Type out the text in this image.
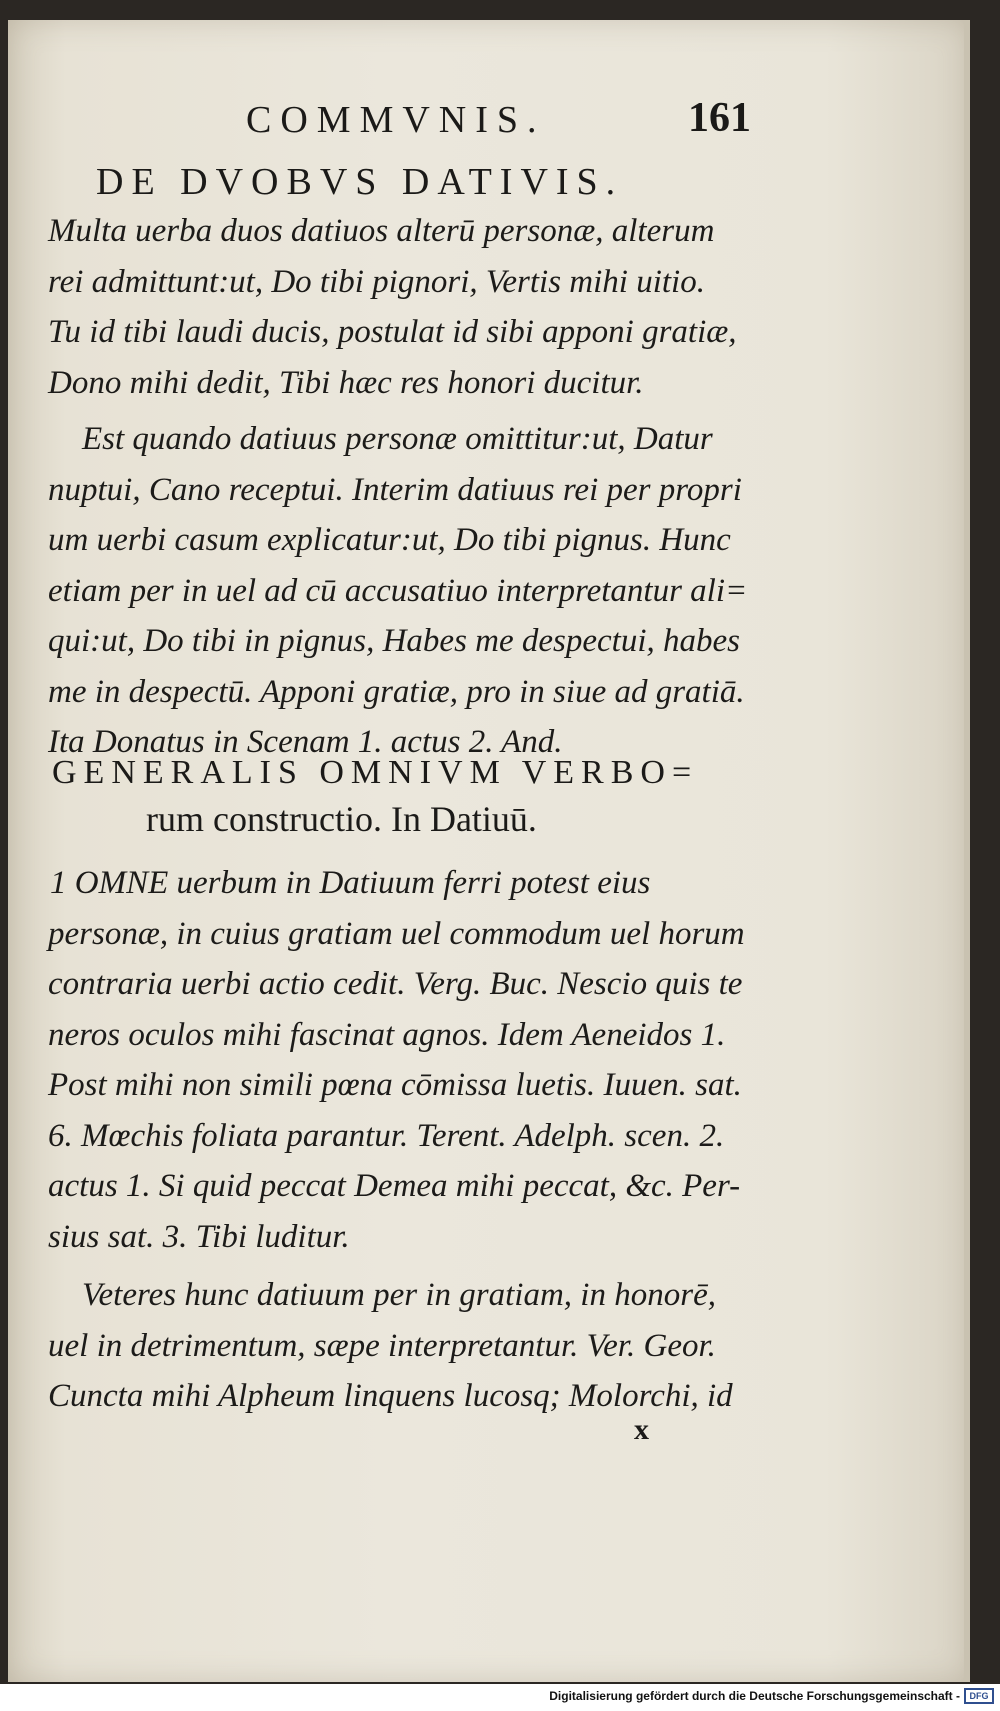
COMMVNIS.	161
DE DVOBVS DATIVIS.
Multa uerba duos datiuos alterū personæ, alterum
rei admittunt:ut, Do tibi pignori, Vertis mihi uitio.
Tu id tibi laudi ducis, postulat id sibi apponi gratiæ,
Dono mihi dedit, Tibi hæc res honori ducitur.
Est quando datiuus personæ omittitur:ut, Datur
nuptui, Cano receptui. Interim datiuus rei per propri
um uerbi casum explicatur:ut, Do tibi pignus. Hunc
etiam per in uel ad cū accusatiuo interpretantur ali=
qui:ut, Do tibi in pignus, Habes me despectui, habes
me in despectū. Apponi gratiæ, pro in siue ad gratiā.
Ita Donatus in Scenam 1. actus 2. And.
GENERALIS OMNIVM VERBO=
rum constructio. In Datiuū.
1 OMNE uerbum in Datiuum ferri potest eius
personæ, in cuius gratiam uel commodum uel horum
contraria uerbi actio cedit. Verg. Buc. Nescio quis te
neros oculos mihi fascinat agnos. Idem Aeneidos 1.
Post mihi non simili pœna cōmissa luetis. Iuuen. sat.
6. Mœchis foliata parantur. Terent. Adelph. scen. 2.
actus 1. Si quid peccat Demea mihi peccat, &c. Per-
sius sat. 3. Tibi luditur.
Veteres hunc datiuum per in gratiam, in honorē,
uel in detrimentum, sæpe interpretantur. Ver. Geor.
Cuncta mihi Alpheum linquens lucosq; Molorchi, id
x
Digitalisierung gefördert durch die Deutsche Forschungsgemeinschaft -	DFG
